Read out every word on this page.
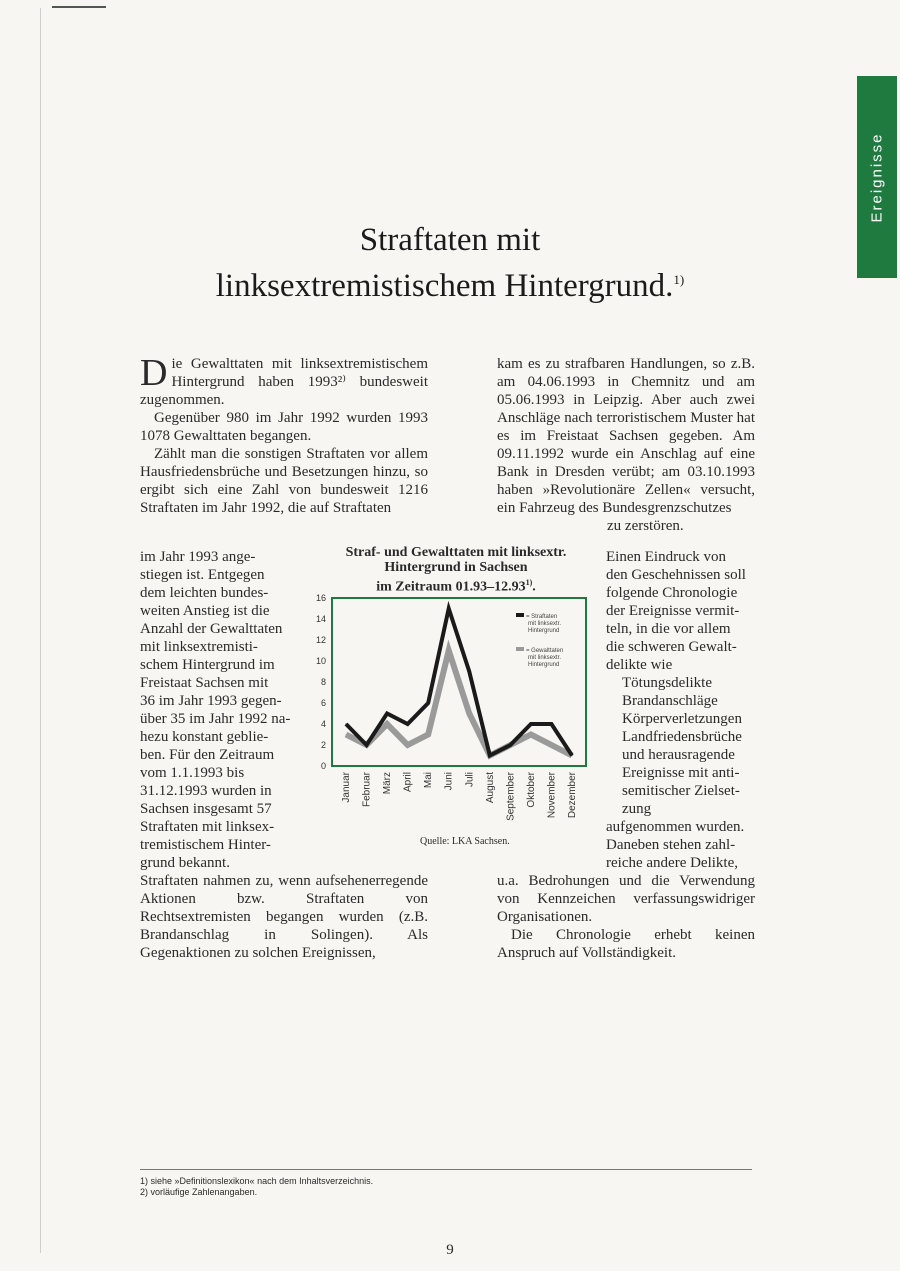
Ereignisse
Straftaten mit
linksextremistischem Hintergrund.$^{1)}$

Die Gewalttaten mit linksextremistischem Hintergrund haben 1993²⁾ bundesweit zugenommen.

Gegenüber 980 im Jahr 1992 wurden 1993 1078 Gewalttaten begangen.

Zählt man die sonstigen Straftaten vor allem Hausfriedensbrüche und Besetzungen hinzu, so ergibt sich eine Zahl von bundesweit 1216 Straftaten im Jahr 1992, die auf Straftaten

im Jahr 1993 ange-
stiegen ist. Entgegen
dem leichten bundes-
weiten Anstieg ist die
Anzahl der Gewalttaten
mit linksextremisti-
schem Hintergrund im
Freistaat Sachsen mit
36 im Jahr 1993 gegen-
über 35 im Jahr 1992 na-
hezu konstant geblie-
ben. Für den Zeitraum
vom 1.1.1993 bis
31.12.1993 wurden in
Sachsen insgesamt 57
Straftaten mit linksex-
tremistischem Hinter-
grund bekannt.

Straftaten nahmen zu, wenn aufsehenerregende Aktionen bzw. Straftaten von Rechtsextremisten begangen wurden (z.B. Brandanschlag in Solingen). Als Gegenaktionen zu solchen Ereignissen,

kam es zu strafbaren Handlungen, so z.B. am 04.06.1993 in Chemnitz und am 05.06.1993 in Leipzig. Aber auch zwei Anschläge nach terroristischem Muster hat es im Freistaat Sachsen gegeben. Am 09.11.1992 wurde ein Anschlag auf eine Bank in Dresden verübt; am 03.10.1993 haben »Revolutionäre Zellen« versucht, ein Fahrzeug des Bundesgrenzschutzes

zu zerstören.
Einen Eindruck von
den Geschehnissen soll
folgende Chronologie
der Ereignisse vermit-
teln, in die vor allem
die schweren Gewalt-
delikte wie
Tötungsdelikte
Brandanschläge
Körperverletzungen
Landfriedensbrüche
und herausragende
Ereignisse mit anti-
semitischer Zielset-
zung
aufgenommen wurden.
Daneben stehen zahl-
reiche andere Delikte,

u.a. Bedrohungen und die Verwendung von Kennzeichen verfassungswidriger Organisationen.

Die Chronologie erhebt keinen Anspruch auf Vollständigkeit.

Straf- und Gewalttaten mit linksextr.
Hintergrund in Sachsen
im Zeitraum 01.93–12.93$^{1)}$.
0
2
4
6
8
10
12
14
16
Januar Februar März April Mai Juni Juli August September Oktober November Dezember
= Straftaten
mit linksextr.
Hintergrund
= Gewalttaten
mit linksextr.
Hintergrund
Quelle: LKA Sachsen.
1) siehe »Definitionslexikon« nach dem Inhaltsverzeichnis.
2) vorläufige Zahlenangaben.
9
